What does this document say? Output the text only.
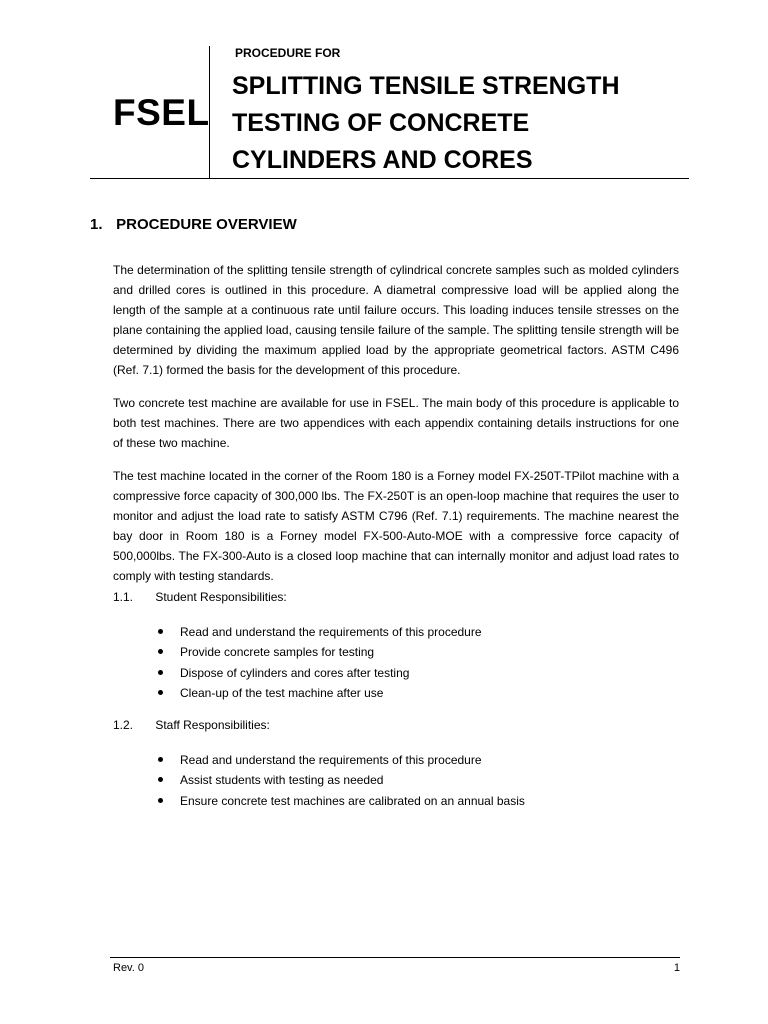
FSEL
PROCEDURE FOR
SPLITTING TENSILE STRENGTH
TESTING OF CONCRETE
CYLINDERS AND CORES
1. PROCEDURE OVERVIEW

The determination of the splitting tensile strength of cylindrical concrete samples such as molded cylinders and drilled cores is outlined in this procedure. A diametral compressive load will be applied along the length of the sample at a continuous rate until failure occurs. This loading induces tensile stresses on the plane containing the applied load, causing tensile failure of the sample. The splitting tensile strength will be determined by dividing the maximum applied load by the appropriate geometrical factors. ASTM C496 (Ref. 7.1) formed the basis for the development of this procedure.

Two concrete test machine are available for use in FSEL. The main body of this procedure is applicable to both test machines. There are two appendices with each appendix containing details instructions for one of these two machine.

The test machine located in the corner of the Room 180 is a Forney model FX-250T-TPilot machine with a compressive force capacity of 300,000 lbs. The FX-250T is an open-loop machine that requires the user to monitor and adjust the load rate to satisfy ASTM C796 (Ref. 7.1) requirements. The machine nearest the bay door in Room 180 is a Forney model FX-500-Auto-MOE with a compressive force capacity of 500,000lbs. The FX-300-Auto is a closed loop machine that can internally monitor and adjust load rates to comply with testing standards.

1.1. Student Responsibilities:
Read and understand the requirements of this procedure
Provide concrete samples for testing
Dispose of cylinders and cores after testing
Clean-up of the test machine after use
1.2. Staff Responsibilities:
Read and understand the requirements of this procedure
Assist students with testing as needed
Ensure concrete test machines are calibrated on an annual basis
Rev. 0	1
